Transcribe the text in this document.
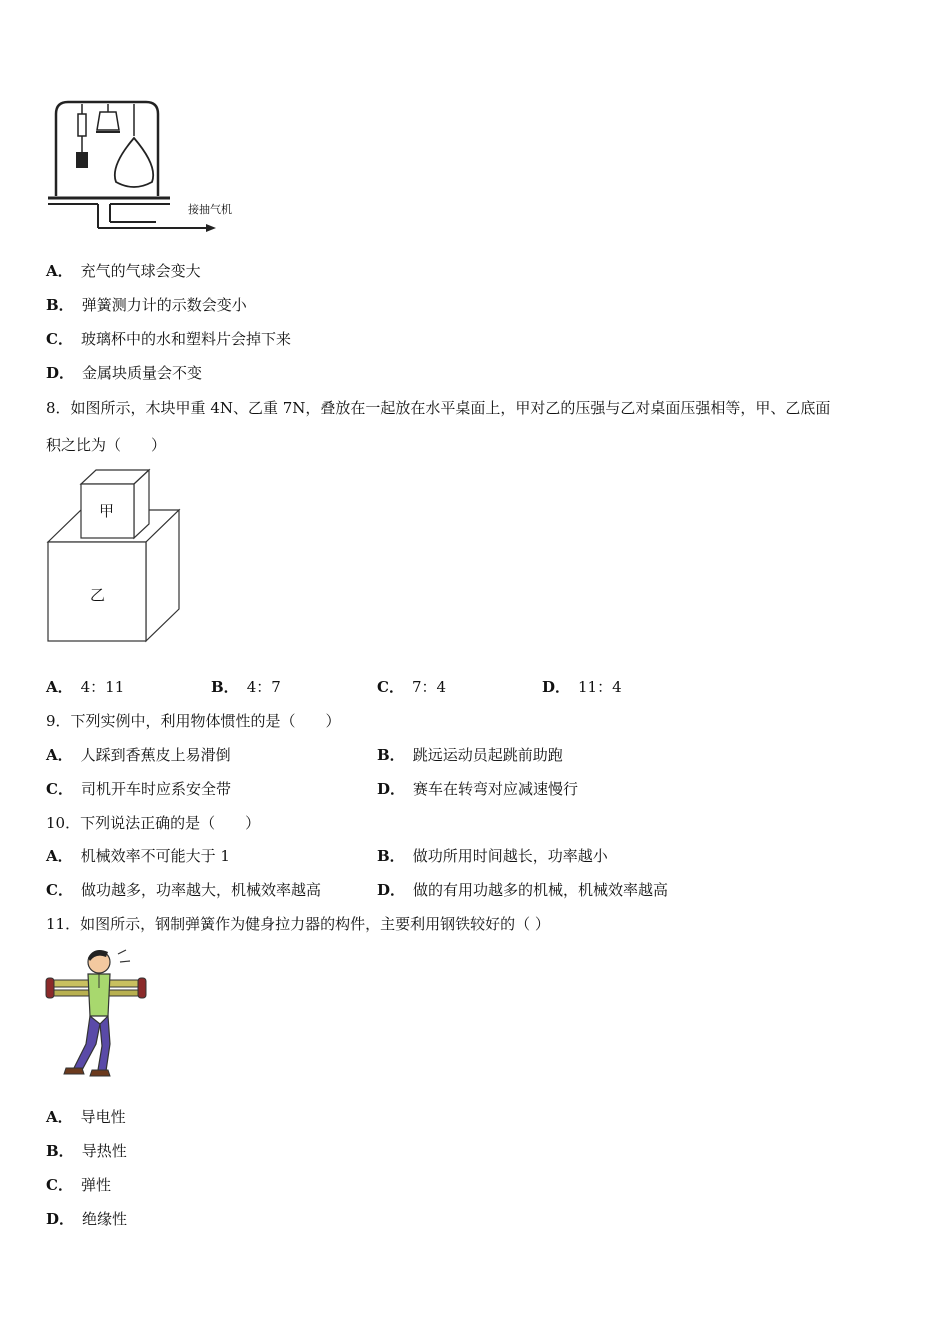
接抽气机
A． 充气的气球会变大
B． 弹簧测力计的示数会变小
C． 玻璃杯中的水和塑料片会掉下来
D． 金属块质量会不变
8．如图所示，木块甲重 4N、乙重 7N，叠放在一起放在水平桌面上，甲对乙的压强与乙对桌面压强相等，甲、乙底面
积之比为（　　）
甲
乙
A． 4：11	B． 4：7	C． 7：4	D． 11：4
9．下列实例中，利用物体惯性的是（　　）
A． 人踩到香蕉皮上易滑倒	B． 跳远运动员起跳前助跑
C． 司机开车时应系安全带	D． 赛车在转弯对应减速慢行
10．下列说法正确的是（　　）
A． 机械效率不可能大于 1	B． 做功所用时间越长，功率越小
C． 做功越多，功率越大，机械效率越高	D． 做的有用功越多的机械，机械效率越高
11．如图所示，钢制弹簧作为健身拉力器的构件，主要利用钢铁较好的（ ）
A． 导电性
B． 导热性
C． 弹性
D． 绝缘性
